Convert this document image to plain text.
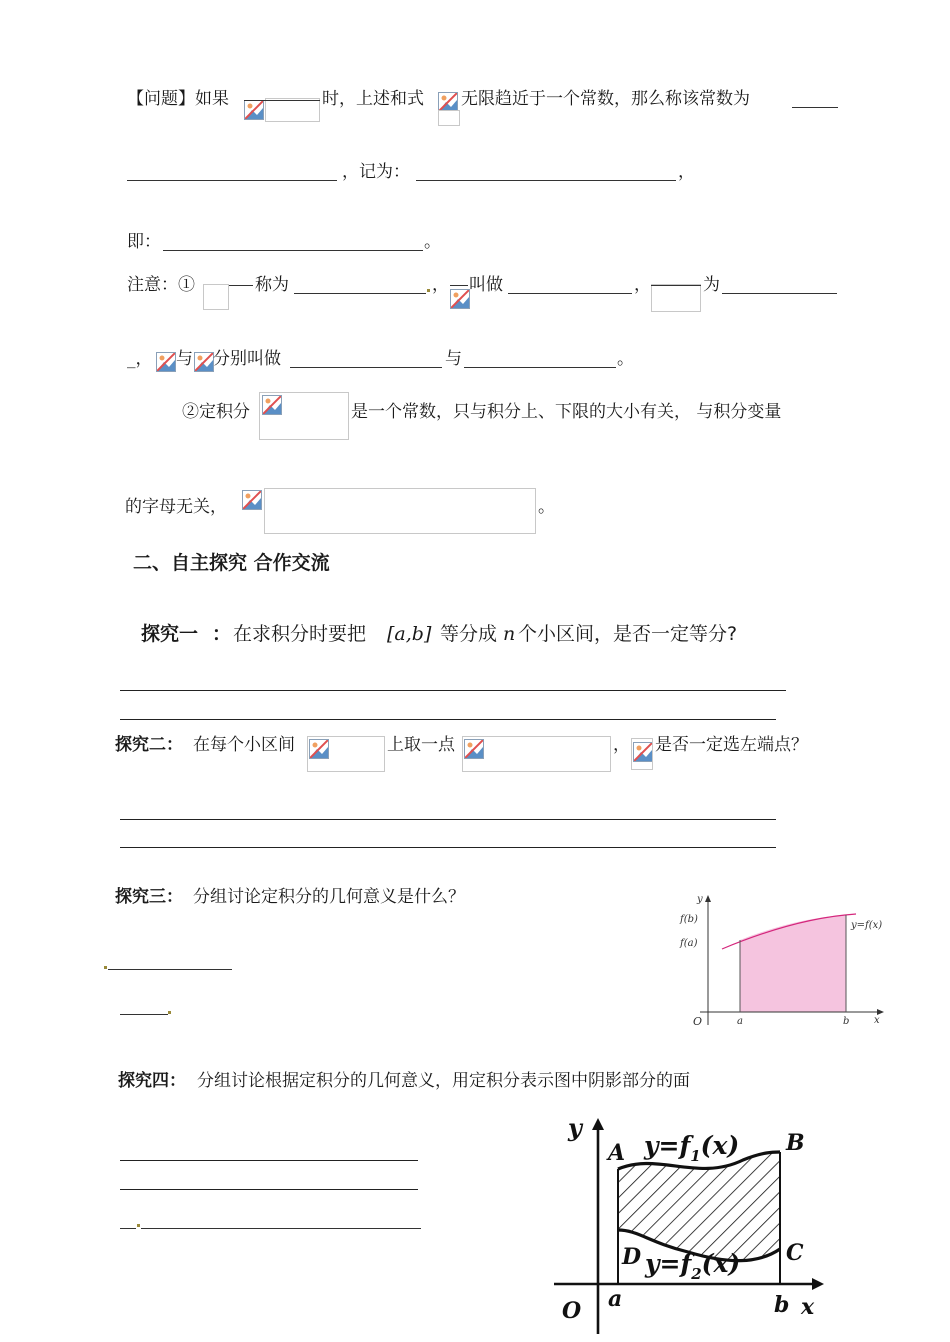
【问题】如果	时，上述和式 无限趋近于一个常数，那么称该常数为
，记为：	，
即：	。
注意：①	称为	， 叫做	，	为
_， 与 分别叫做	与	。
②定积分	是一个常数，只与积分上、下限的大小有关， 与积分变量
的字母无关，	。
二、自主探究 合作交流
探究一 ： 在求积分时要把 [a,b] 等分成 n 个小区间，是否一定等分?
探究二： 在每个小区间	上取一点	， 是否一定选左端点？
探究三： 分组讨论定积分的几何意义是什么？	y
f(b)
f(a)
y=f(x)
O	a	b x
探究四： 分组讨论根据定积分的几何意义，用定积分表示图中阴影部分的面
y
A $y=f_1(x)$ B
D $y=f_2(x)$ C
O a	b x
